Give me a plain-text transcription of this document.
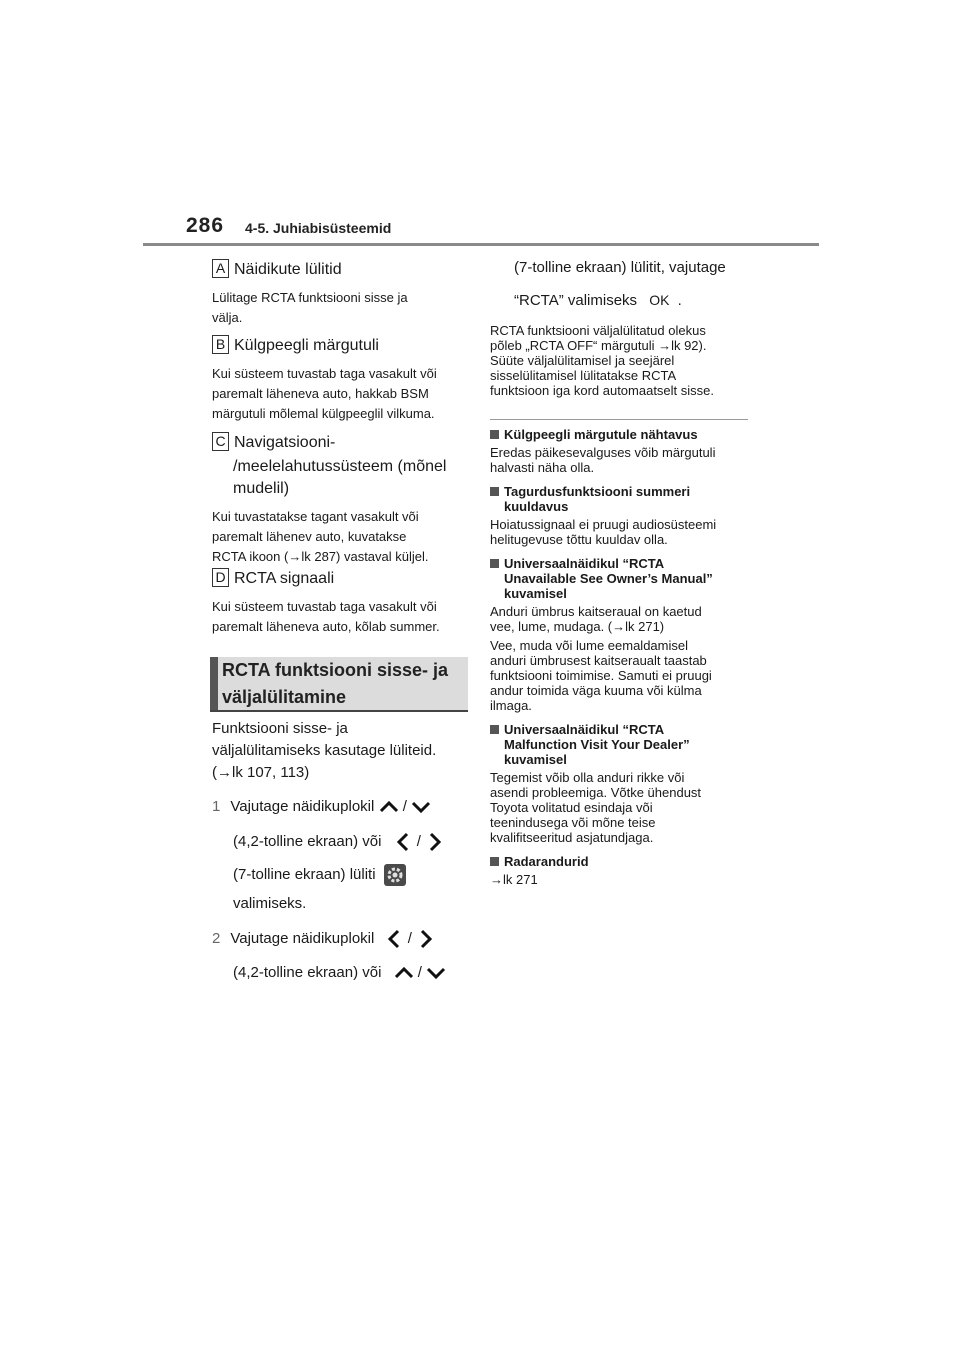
286 4-5. Juhiabisüsteemid
A Näidikute lülitid
Lülitage RCTA funktsiooni sisse ja
välja.
B Külgpeegli märgutuli
Kui süsteem tuvastab taga vasakult või
paremalt läheneva auto, hakkab BSM
märgutuli mõlemal külgpeeglil vilkuma.
C Navigatsiooni-
/meelelahutussüsteem (mõnel
mudelil)
Kui tuvastatakse tagant vasakult või
paremalt lähenev auto, kuvatakse
RCTA ikoon (→lk 287) vastaval küljel.
D RCTA signaali
Kui süsteem tuvastab taga vasakult või
paremalt läheneva auto, kõlab summer.
RCTA funktsiooni sisse- ja
väljalülitamine
Funktsiooni sisse- ja
väljalülitamiseks kasutage lüliteid.
(→lk 107, 113)
1 Vajutage näidikuplokil /
(4,2-tolline ekraan) või /
(7-tolline ekraan) lüliti
valimiseks.
2 Vajutage näidikuplokil /
(4,2-tolline ekraan) või /
(7-tolline ekraan) lülitit, vajutage
“RCTA” valimiseks OK .
RCTA funktsiooni väljalülitatud olekus
põleb „RCTA OFF“ märgutuli →lk 92).
Süüte väljalülitamisel ja seejärel
sisselülitamisel lülitatakse RCTA
funktsioon iga kord automaatselt sisse.
Külgpeegli märgutule nähtavus
Eredas päikesevalguses võib märgutuli
halvasti näha olla.
Tagurdusfunktsiooni summeri
kuuldavus
Hoiatussignaal ei pruugi audiosüsteemi
helitugevuse tõttu kuuldav olla.
Universaalnäidikul “RCTA
Unavailable See Owner’s Manual”
kuvamisel
Anduri ümbrus kaitseraual on kaetud
vee, lume, mudaga. (→lk 271)
Vee, muda või lume eemaldamisel
anduri ümbrusest kaitseraualt taastab
funktsiooni toimimise. Samuti ei pruugi
andur toimida väga kuuma või külma
ilmaga.
Universaalnäidikul “RCTA
Malfunction Visit Your Dealer”
kuvamisel
Tegemist võib olla anduri rikke või
asendi probleemiga. Võtke ühendust
Toyota volitatud esindaja või
teenindusega või mõne teise
kvalifitseeritud asjatundjaga.
Radarandurid
→lk 271
